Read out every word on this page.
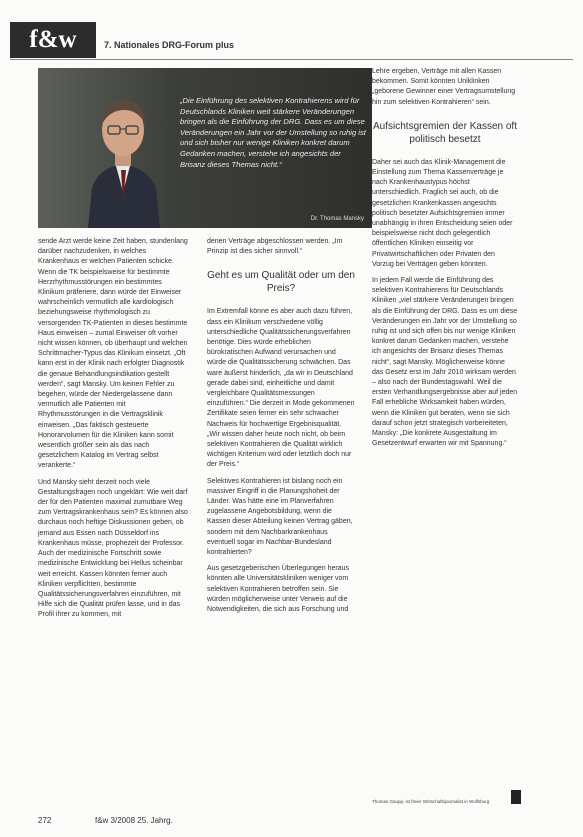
f&w	7. Nationales DRG-Forum plus
„Die Einführung des selektiven Kontrahierens wird für Deutschlands Kliniken weit stärkere Veränderungen bringen als die Einführung der DRG. Dass es um diese Veränderungen ein Jahr vor der Umstellung so ruhig ist und sich bisher nur wenige Kliniken konkret darum Gedanken machen, verstehe ich angesichts der Brisanz dieses Themas nicht.“
Dr. Thomas Mansky

sende Arzt werde keine Zeit haben, stundenlang darüber nachzudenken, in welches Krankenhaus er welchen Patienten schicke. Wenn die TK beispielsweise für bestimmte Herzrhythmusstörungen ein bestimmtes Klinikum präferiere, dann würde der Einweiser wahrscheinlich vermutlich alle kardiologisch beziehungsweise rhythmologisch zu versorgenden TK-Patienten in dieses bestimmte Haus einweisen – zumal Einweiser oft vorher nicht wissen können, ob überhaupt und welchen Schrittmacher-Typus das Klinikum einsetzt. „Oft kann erst in der Klinik nach erfolgter Diagnostik die genaue Behandlungsindikation gestellt werden“, sagt Mansky. Um keinen Fehler zu begehen, würde der Niedergelassene dann vermutlich alle Patienten mit Rhythmusstörungen in die Vertragsklinik einweisen. „Das faktisch gesteuerte Honorarvolumen für die Kliniken kann somit wesentlich größer sein als das nach gesetzlichem Katalog im Vertrag selbst verankerte.“

Und Mansky sieht derzeit noch viele Gestaltungsfragen noch ungeklärt: Wie weit darf der für den Patienten maximal zumutbare Weg zum Vertragskrankenhaus sein? Es können also durchaus noch heftige Diskussionen geben, ob jemand aus Essen nach Düsseldorf ins Krankenhaus müsse, prophezeit der Professor. Auch der medizinische Fortschritt sowie medizinische Entwicklung bei Hellus scheinbar weit erreicht. Kassen könnten ferner auch Kliniken verpflichten, bestimmte Qualitätssicherungsverfahren einzuführen, mit Hilfe sich die Qualität prüfen lasse, und in das Profil ihrer zu kommen, mit

denen Verträge abgeschlossen werden. „Im Prinzip ist dies sicher sinnvoll.“

Geht es um Qualität oder um den Preis?

Im Extremfall könne es aber auch dazu führen, dass ein Klinikum verschiedene völlig unterschiedliche Qualitätssicherungsverfahren benötige. Dies würde erheblichen bürokratischen Aufwand verursachen und würde die Qualitätssicherung schwächen. Das ware äußerst hinderlich, „da wir in Deutschland gerade dabei sind, einheitliche und damit vergleichbare Qualitätsmessungen einzuführen.“ Die derzeit in Mode gekommenen Zertifikate seien ferner ein sehr schwacher Nachweis für hochwertige Ergebnisqualität. „Wir wissen daher heute noch nicht, ob beim selektiven Kontrahieren die Qualität wirklich wichtigen Kriterium wird oder letztlich doch nur der Preis.“

Selektives Kontrahieren ist bislang noch ein massiver Eingriff in die Planungshoheit der Länder. Was hätte eine im Planverfahren zugelassene Angebotsbildung, wenn die Kassen dieser Abteilung keinen Vertrag gäben, sondern mit dem Nachbarkrankenhaus eventuell sogar im Nachbar-Bundesland kontrahierten?

Aus gesetzgeberischen Überlegungen heraus könnten alle Universitätskliniken weniger vom selektiven Kontrahieren betroffen sein. Sie würden möglicherweise unter Verweis auf die Notwendigkeiten, die sich aus Forschung und

Lehre ergeben, Verträge mit allen Kassen bekommen. Somit könnten Uniklinken „geborene Gewinner einer Vertragsumstellung hin zum selektiven Kontrahieren“ sein.

Aufsichtsgremien der Kassen oft politisch besetzt

Daher sei auch das Klinik-Management die Einstellung zum Thema Kassenverträge je nach Krankenhaustypus höchst unterschiedlich. Fraglich sei auch, ob die gesetzlichen Krankenkassen angesichts politisch besetzter Aufsichtsgremien immer unabhängig in ihren Entscheidung seien oder beispielsweise nicht doch gelegentlich öffentlichen Kliniken einseitig vor Privatwirtschaftlichen oder Privaten den Vorzug bei Verträgen geben könnten.

In jedem Fall werde die Einführung des selektiven Kontrahierens für Deutschlands Kliniken „viel stärkere Veränderungen bringen als die Einführung der DRG. Dass es um diese Veränderungen ein Jahr vor der Umstellung so ruhig ist und sich offen bis nur wenige Kliniken konkret darum Gedanken machen, verstehe ich angesichts der Brisanz dieses Themas nicht“, sagt Mansky. Möglicherweise könne das Gesetz erst im Jahr 2010 wirksam werden – also nach der Bundestagswahl. Weil die ersten Verhandlungsergebnisse aber auf jeden Fall erhebliche Wirksamkeit haben würden, wenn die Kliniken gut beraten, wenn sie sich darauf schon jetzt strategisch vorbereiteten, Mansky: „Die konkrete Ausgestaltung im Gesetzentwurf erwarten wir mit Spannung.“

Thomas Gaupp, ist freier Wirtschaftsjournalist in Wolfsburg
272	f&w 3/2008 25. Jahrg.
